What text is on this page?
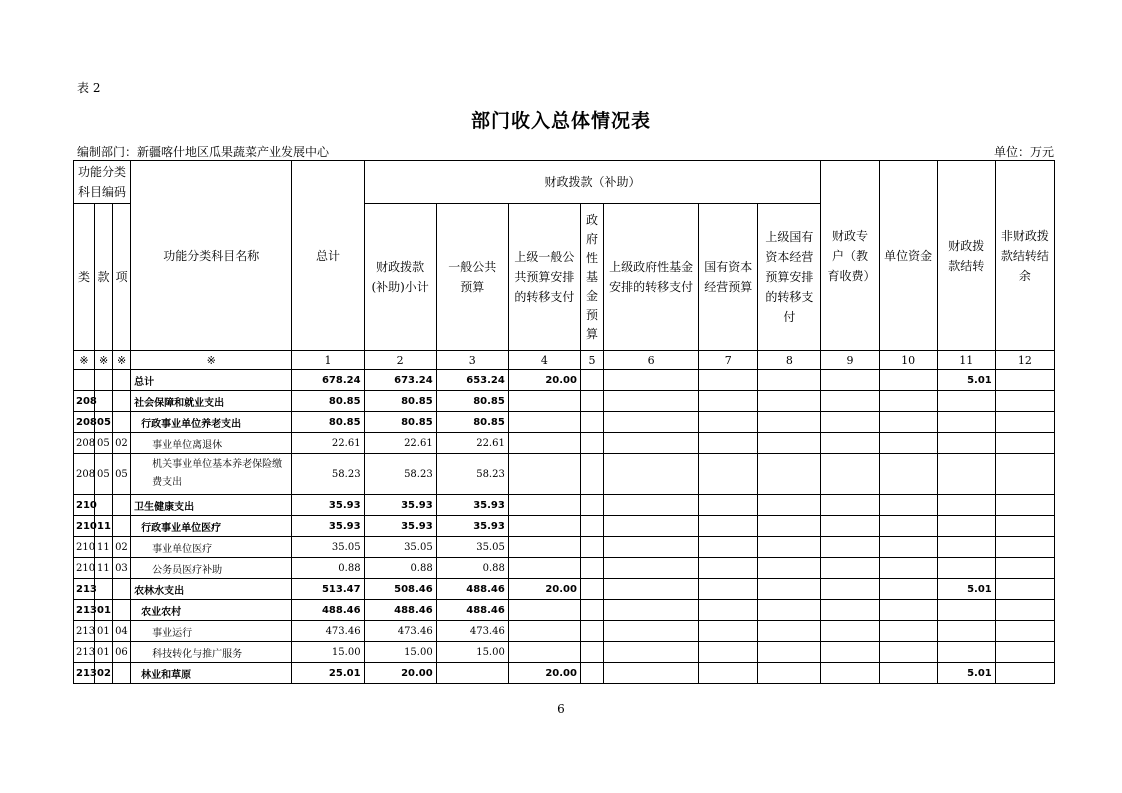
表 2
部门收入总体情况表
编制部门：新疆喀什地区瓜果蔬菜产业发展中心	单位：万元
功能分类科目编码			功能分类科目名称	总计	财政拨款（补助）							财政专户（教育收费）	单位资金	财政拨款结转	非财政拨款结转结余
类	款	项			财政拨款(补助)小计	一般公共预算	上级一般公共预算安排的转移支付	政府性基金预算	上级政府性基金安排的转移支付	国有资本经营预算	上级国有资本经营预算安排的转移支付				
※	※	※	※	1	2	3	4	5	6	7	8	9	10	11	12
			总计	678.24	673.24	653.24	20.00							5.01	
208			社会保障和就业支出	80.85	80.85	80.85									
208	05		行政事业单位养老支出	80.85	80.85	80.85									
208	05	02	事业单位离退休	22.61	22.61	22.61									
208	05	05	机关事业单位基本养老保险缴费支出	58.23	58.23	58.23									
210			卫生健康支出	35.93	35.93	35.93									
210	11		行政事业单位医疗	35.93	35.93	35.93									
210	11	02	事业单位医疗	35.05	35.05	35.05									
210	11	03	公务员医疗补助	0.88	0.88	0.88									
213			农林水支出	513.47	508.46	488.46	20.00							5.01	
213	01		农业农村	488.46	488.46	488.46									
213	01	04	事业运行	473.46	473.46	473.46									
213	01	06	科技转化与推广服务	15.00	15.00	15.00									
213	02		林业和草原	25.01	20.00		20.00							5.01	
6
